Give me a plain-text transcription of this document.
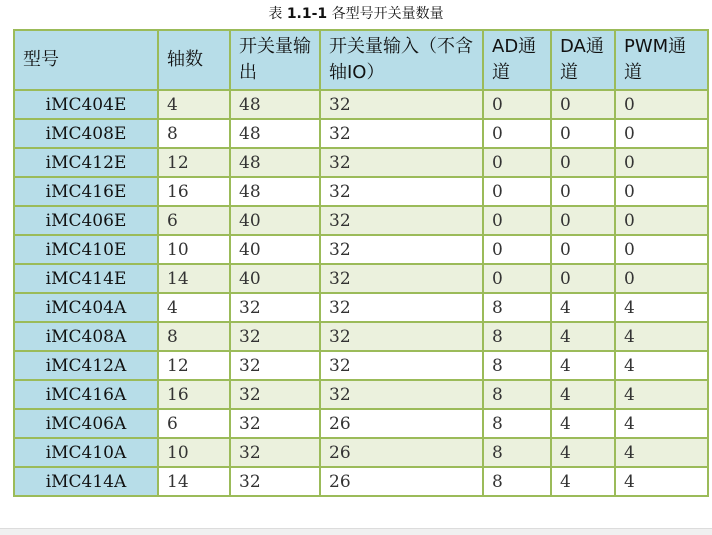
表 1.1-1 各型号开关量数量
型号	轴数	开关量输出	开关量输入（不含轴IO）	AD通道	DA通道	PWM通道
iMC404E	4	48	32	0	0	0
iMC408E	8	48	32	0	0	0
iMC412E	12	48	32	0	0	0
iMC416E	16	48	32	0	0	0
iMC406E	6	40	32	0	0	0
iMC410E	10	40	32	0	0	0
iMC414E	14	40	32	0	0	0
iMC404A	4	32	32	8	4	4
iMC408A	8	32	32	8	4	4
iMC412A	12	32	32	8	4	4
iMC416A	16	32	32	8	4	4
iMC406A	6	32	26	8	4	4
iMC410A	10	32	26	8	4	4
iMC414A	14	32	26	8	4	4
